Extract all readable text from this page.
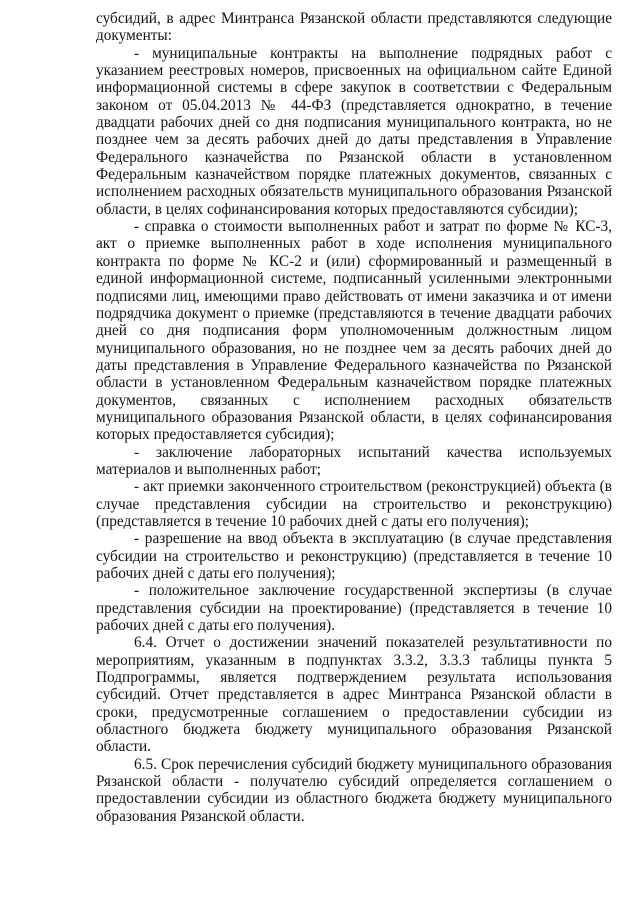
субсидий, в адрес Минтранса Рязанской области представляются следующие документы:

- муниципальные контракты на выполнение подрядных работ с указанием реестровых номеров, присвоенных на официальном сайте Единой информационной системы в сфере закупок в соответствии с Федеральным законом от 05.04.2013 № 44-ФЗ (представляется однократно, в течение двадцати рабочих дней со дня подписания муниципального контракта, но не позднее чем за десять рабочих дней до даты представления в Управление Федерального казначейства по Рязанской области в установленном Федеральным казначейством порядке платежных документов, связанных с исполнением расходных обязательств муниципального образования Рязанской области, в целях софинансирования которых предоставляются субсидии);

- справка о стоимости выполненных работ и затрат по форме № КС-3, акт о приемке выполненных работ в ходе исполнения муниципального контракта по форме № КС-2 и (или) сформированный и размещенный в единой информационной системе, подписанный усиленными электронными подписями лиц, имеющими право действовать от имени заказчика и от имени подрядчика документ о приемке (представляются в течение двадцати рабочих дней со дня подписания форм уполномоченным должностным лицом муниципального образования, но не позднее чем за десять рабочих дней до даты представления в Управление Федерального казначейства по Рязанской области в установленном Федеральным казначейством порядке платежных документов, связанных с исполнением расходных обязательств муниципального образования Рязанской области, в целях софинансирования которых предоставляется субсидия);

- заключение лабораторных испытаний качества используемых материалов и выполненных работ;

- акт приемки законченного строительством (реконструкцией) объекта (в случае представления субсидии на строительство и реконструкцию) (представляется в течение 10 рабочих дней с даты его получения);

- разрешение на ввод объекта в эксплуатацию (в случае представления субсидии на строительство и реконструкцию) (представляется в течение 10 рабочих дней с даты его получения);

- положительное заключение государственной экспертизы (в случае представления субсидии на проектирование) (представляется в течение 10 рабочих дней с даты его получения).

6.4. Отчет о достижении значений показателей результативности по мероприятиям, указанным в подпунктах 3.3.2, 3.3.3 таблицы пункта 5 Подпрограммы, является подтверждением результата использования субсидий. Отчет представляется в адрес Минтранса Рязанской области в сроки, предусмотренные соглашением о предоставлении субсидии из областного бюджета бюджету муниципального образования Рязанской области.

6.5. Срок перечисления субсидий бюджету муниципального образования Рязанской области - получателю субсидий определяется соглашением о предоставлении субсидии из областного бюджета бюджету муниципального образования Рязанской области.
